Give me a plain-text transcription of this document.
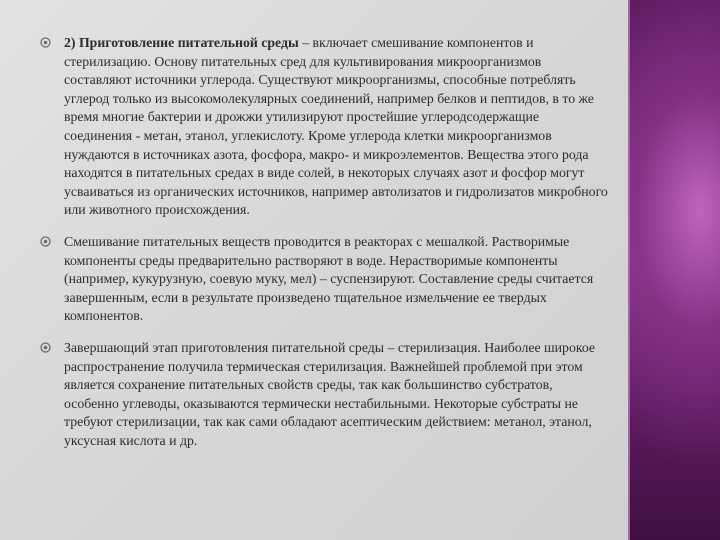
2) Приготовление питательной среды – включает смешивание компонентов и стерилизацию. Основу питательных сред для культивирования микроорганизмов составляют источники углерода. Существуют микроорганизмы, способные потреблять углерод только из высокомолекулярных соединений, например белков и пептидов, в то же время многие бактерии и дрожжи утилизируют простейшие углеродсодержащие соединения - метан, этанол, углекислоту. Кроме углерода клетки микроорганизмов нуждаются в источниках азота, фосфора, макро- и микроэлементов. Вещества этого рода находятся в питательных средах в виде солей, в некоторых случаях азот и фосфор могут усваиваться из органических источников, например автолизатов и гидролизатов микробного или животного происхождения.
Смешивание питательных веществ проводится в реакторах с мешалкой. Растворимые компоненты среды предварительно растворяют в воде. Нерастворимые компоненты (например, кукурузную, соевую муку, мел) – суспензируют. Составление среды считается завершенным, если в результате произведено тщательное измельчение ее твердых компонентов.
Завершающий этап приготовления питательной среды – стерилизация. Наиболее широкое распространение получила термическая стерилизация. Важнейшей проблемой при этом является сохранение питательных свойств среды, так как большинство субстратов, особенно углеводы, оказываются термически нестабильными. Некоторые субстраты не требуют стерилизации, так как сами обладают асептическим действием: метанол, этанол, уксусная кислота и др.
